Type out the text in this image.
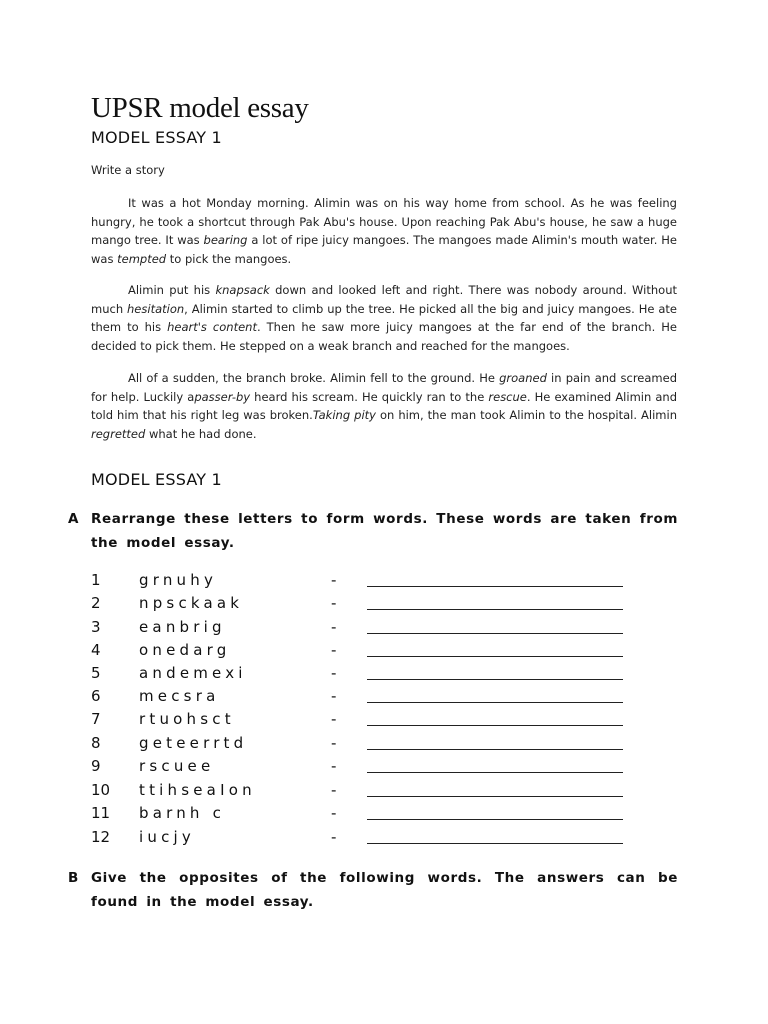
UPSR model essay
MODEL ESSAY 1
Write a story

It was a hot Monday morning. Alimin was on his way home from school. As he was feeling hungry, he took a shortcut through Pak Abu's house. Upon reaching Pak Abu's house, he saw a huge mango tree. It was bearing a lot of ripe juicy mangoes. The mangoes made Alimin's mouth water. He was tempted to pick the mangoes.

Alimin put his knapsack down and looked left and right. There was nobody around. Without much hesitation, Alimin started to climb up the tree. He picked all the big and juicy mangoes. He ate them to his heart's content. Then he saw more juicy mangoes at the far end of the branch. He decided to pick them. He stepped on a weak branch and reached for the mangoes.

All of a sudden, the branch broke. Alimin fell to the ground. He groaned in pain and screamed for help. Luckily apasser-by heard his scream. He quickly ran to the rescue. He examined Alimin and told him that his right leg was broken.Taking pity on him, the man took Alimin to the hospital. Alimin regretted what he had done.

MODEL ESSAY 1
A Rearrange these letters to form words. These words are taken from the model essay.
1	grnuhy	-
2	npsckaak	-
3	eanbrig	-
4	onedarg	-
5	andemexi	-
6	mecsra	-
7	rtuohsct	-
8	geteerrtd	-
9	rscuee	-
10 ttihseaIon	-
11 barnh c	-
12 iucjy	-
B Give the opposites of the following words. The answers can be found in the model essay.
